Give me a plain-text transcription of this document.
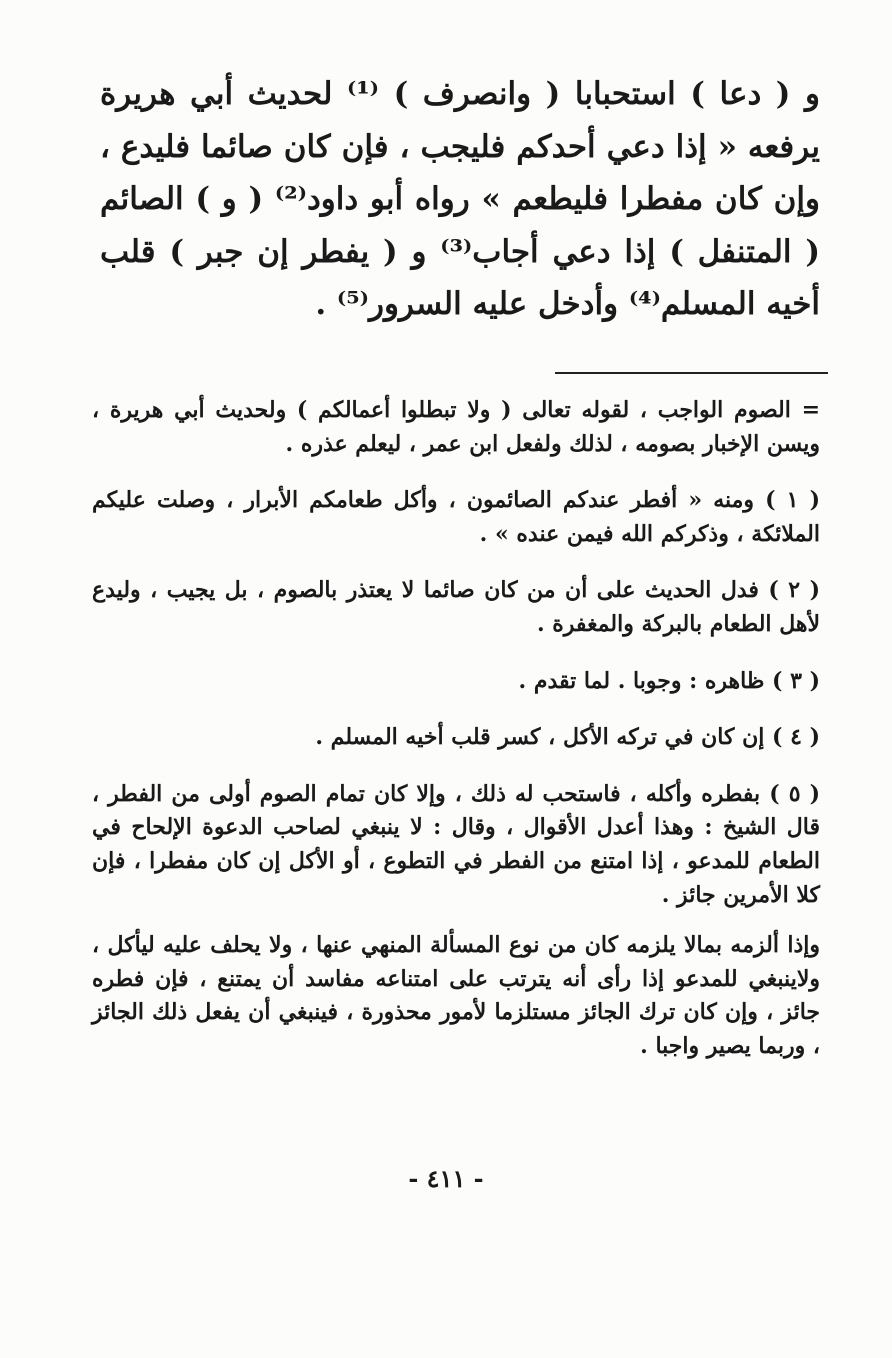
و ( دعا ) استحبابا ( وانصرف ) ⁽¹⁾ لحديث أبي هريرة يرفعه « إذا دعي أحدكم فليجب ، فإن كان صائما فليدع ، وإن كان مفطرا فليطعم » رواه أبو داود⁽²⁾ ( و ) الصائم ( المتنفل ) إذا دعي أجاب⁽³⁾ و ( يفطر إن جبر ) قلب أخيه المسلم⁽⁴⁾ وأدخل عليه السرور⁽⁵⁾ .

= الصوم الواجب ، لقوله تعالى ( ولا تبطلوا أعمالكم ) ولحديث أبي هريرة ، ويسن الإخبار بصومه ، لذلك ولفعل ابن عمر ، ليعلم عذره .

( ١ ) ومنه « أفطر عندكم الصائمون ، وأكل طعامكم الأبرار ، وصلت عليكم الملائكة ، وذكركم الله فيمن عنده » .

( ٢ ) فدل الحديث على أن من كان صائما لا يعتذر بالصوم ، بل يجيب ، وليدع لأهل الطعام بالبركة والمغفرة .

( ٣ ) ظاهره : وجوبا . لما تقدم .

( ٤ ) إن كان في تركه الأكل ، كسر قلب أخيه المسلم .

( ٥ ) بفطره وأكله ، فاستحب له ذلك ، وإلا كان تمام الصوم أولى من الفطر ، قال الشيخ : وهذا أعدل الأقوال ، وقال : لا ينبغي لصاحب الدعوة الإلحاح في الطعام للمدعو ، إذا امتنع من الفطر في التطوع ، أو الأكل إن كان مفطرا ، فإن كلا الأمرين جائز .

وإذا ألزمه بمالا يلزمه كان من نوع المسألة المنهي عنها ، ولا يحلف عليه ليأكل ، ولاينبغي للمدعو إذا رأى أنه يترتب على امتناعه مفاسد أن يمتنع ، فإن فطره جائز ، وإن كان ترك الجائز مستلزما لأمور محذورة ، فينبغي أن يفعل ذلك الجائز ، وربما يصير واجبا .

- ٤١١ -
